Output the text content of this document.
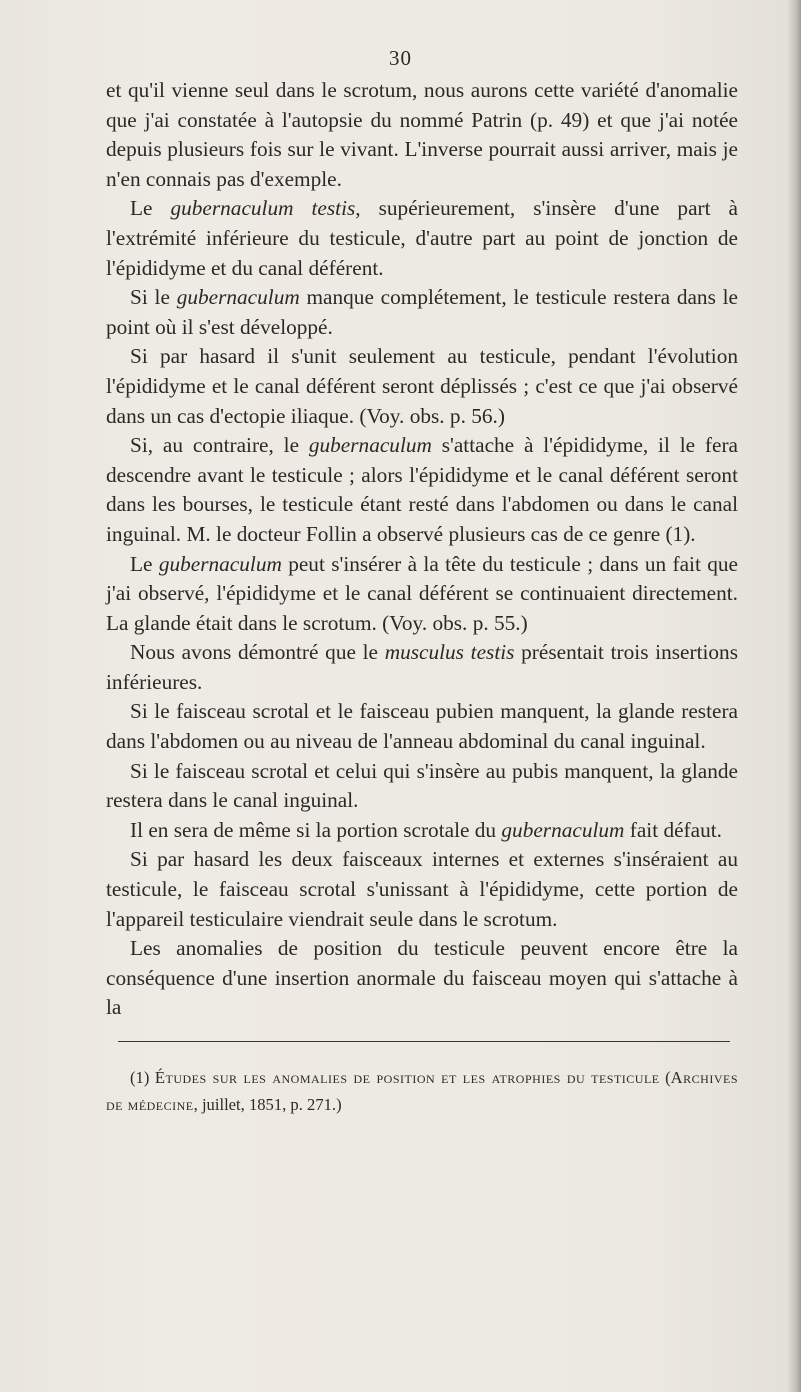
30

et qu'il vienne seul dans le scrotum, nous aurons cette variété d'anomalie que j'ai constatée à l'autopsie du nommé Patrin (p. 49) et que j'ai notée depuis plusieurs fois sur le vivant. L'inverse pourrait aussi arriver, mais je n'en connais pas d'exemple.

Le gubernaculum testis, supérieurement, s'insère d'une part à l'extrémité inférieure du testicule, d'autre part au point de jonction de l'épididyme et du canal déférent.

Si le gubernaculum manque complétement, le testicule restera dans le point où il s'est développé.

Si par hasard il s'unit seulement au testicule, pendant l'évolution l'épididyme et le canal déférent seront déplissés ; c'est ce que j'ai observé dans un cas d'ectopie iliaque. (Voy. obs. p. 56.)

Si, au contraire, le gubernaculum s'attache à l'épididyme, il le fera descendre avant le testicule ; alors l'épididyme et le canal déférent seront dans les bourses, le testicule étant resté dans l'abdomen ou dans le canal inguinal. M. le docteur Follin a observé plusieurs cas de ce genre (1).

Le gubernaculum peut s'insérer à la tête du testicule ; dans un fait que j'ai observé, l'épididyme et le canal déférent se continuaient directement. La glande était dans le scrotum. (Voy. obs. p. 55.)

Nous avons démontré que le musculus testis présentait trois insertions inférieures.

Si le faisceau scrotal et le faisceau pubien manquent, la glande restera dans l'abdomen ou au niveau de l'anneau abdominal du canal inguinal.

Si le faisceau scrotal et celui qui s'insère au pubis manquent, la glande restera dans le canal inguinal.

Il en sera de même si la portion scrotale du gubernaculum fait défaut.

Si par hasard les deux faisceaux internes et externes s'inséraient au testicule, le faisceau scrotal s'unissant à l'épididyme, cette portion de l'appareil testiculaire viendrait seule dans le scrotum.

Les anomalies de position du testicule peuvent encore être la conséquence d'une insertion anormale du faisceau moyen qui s'attache à la

(1) Études sur les anomalies de position et les atrophies du testicule (Archives de médecine, juillet, 1851, p. 271.)
